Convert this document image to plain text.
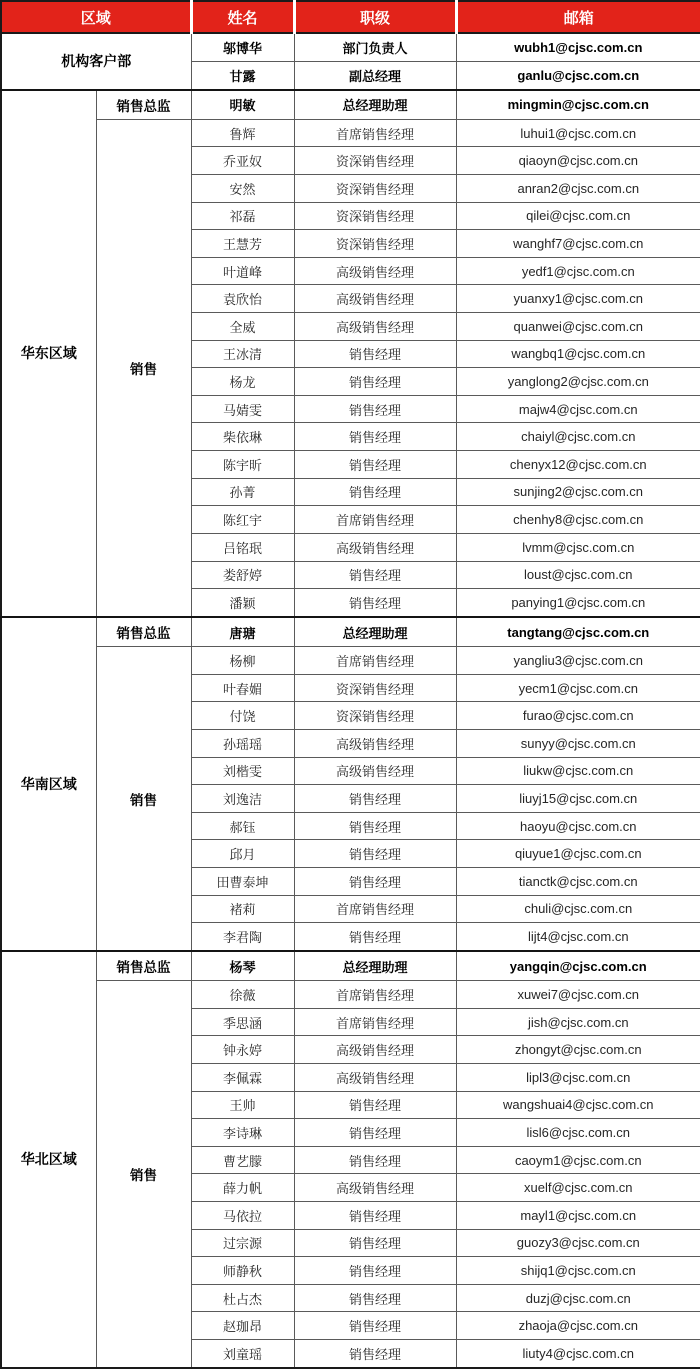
区域		姓名	职级	邮箱
机构客户部		邬博华	部门负责人	wubh1@cjsc.com.cn
		甘露	副总经理	ganlu@cjsc.com.cn
华东区域	销售总监	明敏	总经理助理	mingmin@cjsc.com.cn
	销售	鲁辉	首席销售经理	luhui1@cjsc.com.cn
		乔亚奴	资深销售经理	qiaoyn@cjsc.com.cn
		安然	资深销售经理	anran2@cjsc.com.cn
		祁磊	资深销售经理	qilei@cjsc.com.cn
		王慧芳	资深销售经理	wanghf7@cjsc.com.cn
		叶道峰	高级销售经理	yedf1@cjsc.com.cn
		袁欣怡	高级销售经理	yuanxy1@cjsc.com.cn
		全威	高级销售经理	quanwei@cjsc.com.cn
		王冰清	销售经理	wangbq1@cjsc.com.cn
		杨龙	销售经理	yanglong2@cjsc.com.cn
		马婧雯	销售经理	majw4@cjsc.com.cn
		柴依琳	销售经理	chaiyl@cjsc.com.cn
		陈宇昕	销售经理	chenyx12@cjsc.com.cn
		孙菁	销售经理	sunjing2@cjsc.com.cn
		陈红宇	首席销售经理	chenhy8@cjsc.com.cn
		吕铭珉	高级销售经理	lvmm@cjsc.com.cn
		娄舒婷	销售经理	loust@cjsc.com.cn
		潘颖	销售经理	panying1@cjsc.com.cn
华南区域	销售总监	唐瑭	总经理助理	tangtang@cjsc.com.cn
	销售	杨柳	首席销售经理	yangliu3@cjsc.com.cn
		叶春媚	资深销售经理	yecm1@cjsc.com.cn
		付饶	资深销售经理	furao@cjsc.com.cn
		孙瑶瑶	高级销售经理	sunyy@cjsc.com.cn
		刘楷雯	高级销售经理	liukw@cjsc.com.cn
		刘逸洁	销售经理	liuyj15@cjsc.com.cn
		郝钰	销售经理	haoyu@cjsc.com.cn
		邱月	销售经理	qiuyue1@cjsc.com.cn
		田曹泰坤	销售经理	tianctk@cjsc.com.cn
		褚莉	首席销售经理	chuli@cjsc.com.cn
		李君陶	销售经理	lijt4@cjsc.com.cn
华北区域	销售总监	杨琴	总经理助理	yangqin@cjsc.com.cn
	销售	徐薇	首席销售经理	xuwei7@cjsc.com.cn
		季思涵	首席销售经理	jish@cjsc.com.cn
		钟永婷	高级销售经理	zhongyt@cjsc.com.cn
		李佩霖	高级销售经理	lipl3@cjsc.com.cn
		王帅	销售经理	wangshuai4@cjsc.com.cn
		李诗琳	销售经理	lisl6@cjsc.com.cn
		曹艺朦	销售经理	caoym1@cjsc.com.cn
		薛力帆	高级销售经理	xuelf@cjsc.com.cn
		马依拉	销售经理	mayl1@cjsc.com.cn
		过宗源	销售经理	guozy3@cjsc.com.cn
		师静秋	销售经理	shijq1@cjsc.com.cn
		杜占杰	销售经理	duzj@cjsc.com.cn
		赵珈昂	销售经理	zhaoja@cjsc.com.cn
		刘童瑶	销售经理	liuty4@cjsc.com.cn
